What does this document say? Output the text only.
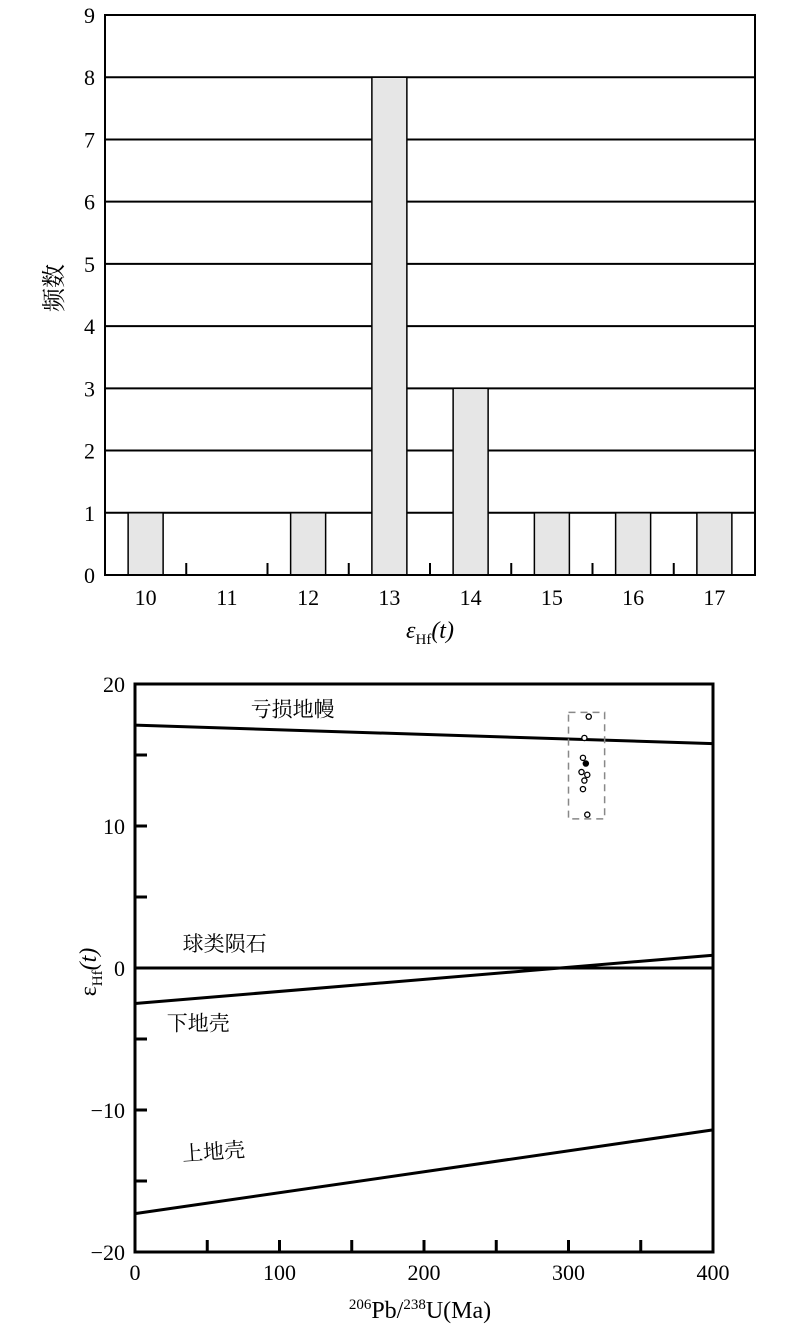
0
1
2
3
4
5
6
7
8
9
10	11	12	13	14	15	16	17
频数
$\varepsilon_{Hf}(t)$
20
10
0
−10
−20
0	100	200	300	400
亏损地幔
球类陨石
下地壳
上地壳
$\varepsilon_{Hf}(t)$
$^{206}$Pb/$^{238}$U(Ma)
